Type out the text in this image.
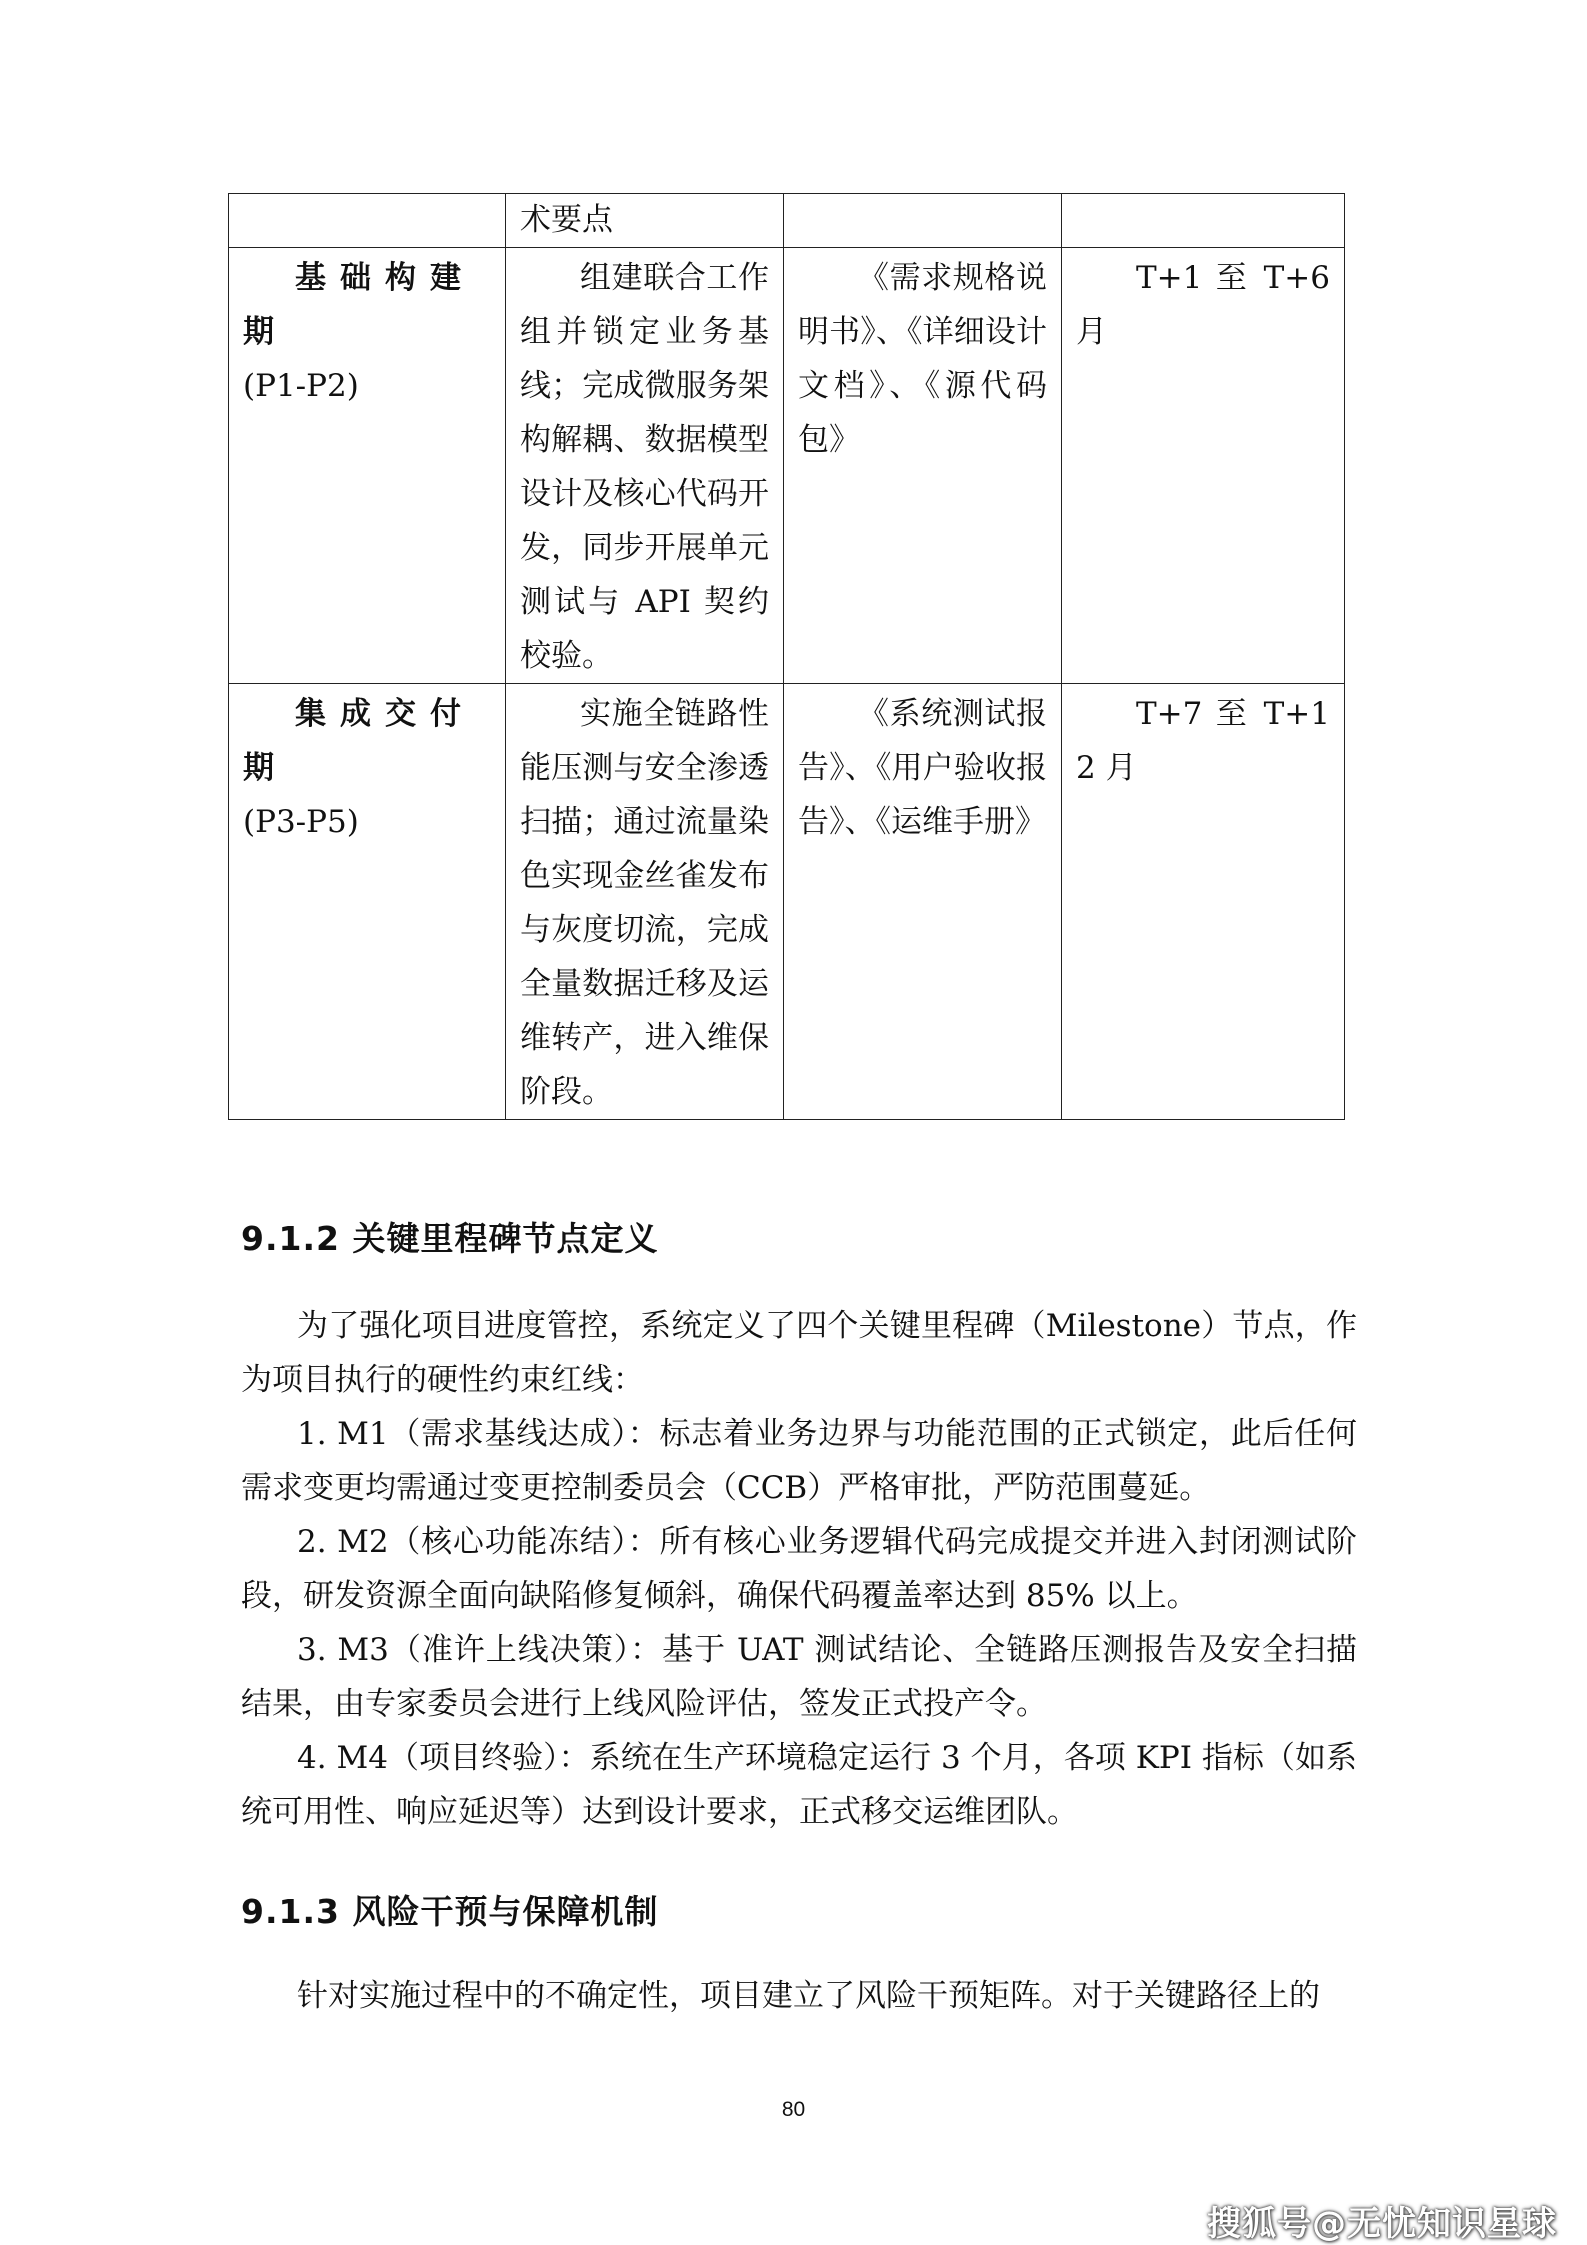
	术要点		

基础构建期
(P1-P2)	组建联合工作组并锁定业务基线；完成微服务架构解耦、数据模型设计及核心代码开发，同步开展单元测试与 API 契约校验。	《需求规格说明书》、《详细设计文档》、《源代码包》	T+1 至 T+6 月

集成交付期
(P3-P5)	实施全链路性能压测与安全渗透扫描；通过流量染色实现金丝雀发布与灰度切流，完成全量数据迁移及运维转产，进入维保阶段。	《系统测试报告》、《用户验收报告》、《运维手册》	T+7 至 T+12 月
9.1.2 关键里程碑节点定义

为了强化项目进度管控，系统定义了四个关键里程碑（Milestone）节点，作为项目执行的硬性约束红线：

1. M1（需求基线达成）：标志着业务边界与功能范围的正式锁定，此后任何需求变更均需通过变更控制委员会（CCB）严格审批，严防范围蔓延。

2. M2（核心功能冻结）：所有核心业务逻辑代码完成提交并进入封闭测试阶段，研发资源全面向缺陷修复倾斜，确保代码覆盖率达到 85% 以上。

3. M3（准许上线决策）：基于 UAT 测试结论、全链路压测报告及安全扫描结果，由专家委员会进行上线风险评估，签发正式投产令。

4. M4（项目终验）：系统在生产环境稳定运行 3 个月，各项 KPI 指标（如系统可用性、响应延迟等）达到设计要求，正式移交运维团队。

9.1.3 风险干预与保障机制

针对实施过程中的不确定性，项目建立了风险干预矩阵。对于关键路径上的

80
搜狐号@无忧知识星球
